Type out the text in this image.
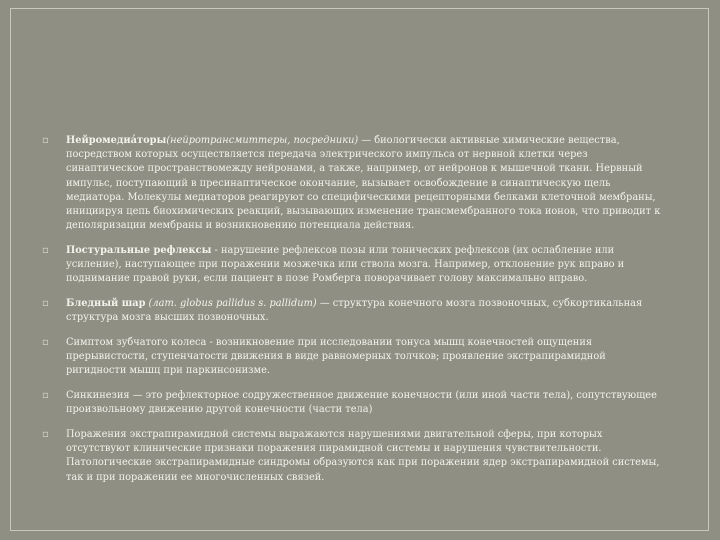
▫ Нейромедиа́торы(нейротрансмиттеры, посредники) — биологически активные химические вещества, посредством которых осуществляется передача электрического импульса от нервной клетки через синаптическое пространствомежду нейронами, а также, например, от нейронов к мышечной ткани. Нервный импульс, поступающий в пресинаптическое окончание, вызывает освобождение в синаптическую щель медиатора. Молекулы медиаторов реагируют со специфическими рецепторными белками клеточной мембраны, инициируя цепь биохимических реакций, вызывающих изменение трансмембранного тока ионов, что приводит к деполяризации мембраны и возникновению потенциала действия.
▫ Постуральные рефлексы - нарушение рефлексов позы или тонических рефлексов (их ослабление или усиление), наступающее при поражении мозжечка или ствола мозга. Например, отклонение рук вправо и поднимание правой руки, если пациент в позе Ромберга поворачивает голову максимально вправо.
▫ Бледный шар (лат. globus pallidus s. pallidum) — структура конечного мозга позвоночных, субкортикальная структура мозга высших позвоночных.
▫ Симптом зубчатого колеса - возникновение при исследовании тонуса мышц конечностей ощущения прерывистости, ступенчатости движения в виде равномерных толчков; проявление экстрапирамидной ригидности мышц при паркинсонизме.
▫ Синкинезия — это рефлекторное содружественное движение конечности (или иной части тела), сопутствующее произвольному движению другой конечности (части тела)
▫ Поражения экстрапирамидной системы выражаются нарушениями двигательной сферы, при которых отсутствуют клинические признаки поражения пирамидной системы и нарушения чувствительности. Патологические экстрапирамидные синдромы образуются как при поражении ядер экстрапирамидной системы, так и при поражении ее многочисленных связей.
